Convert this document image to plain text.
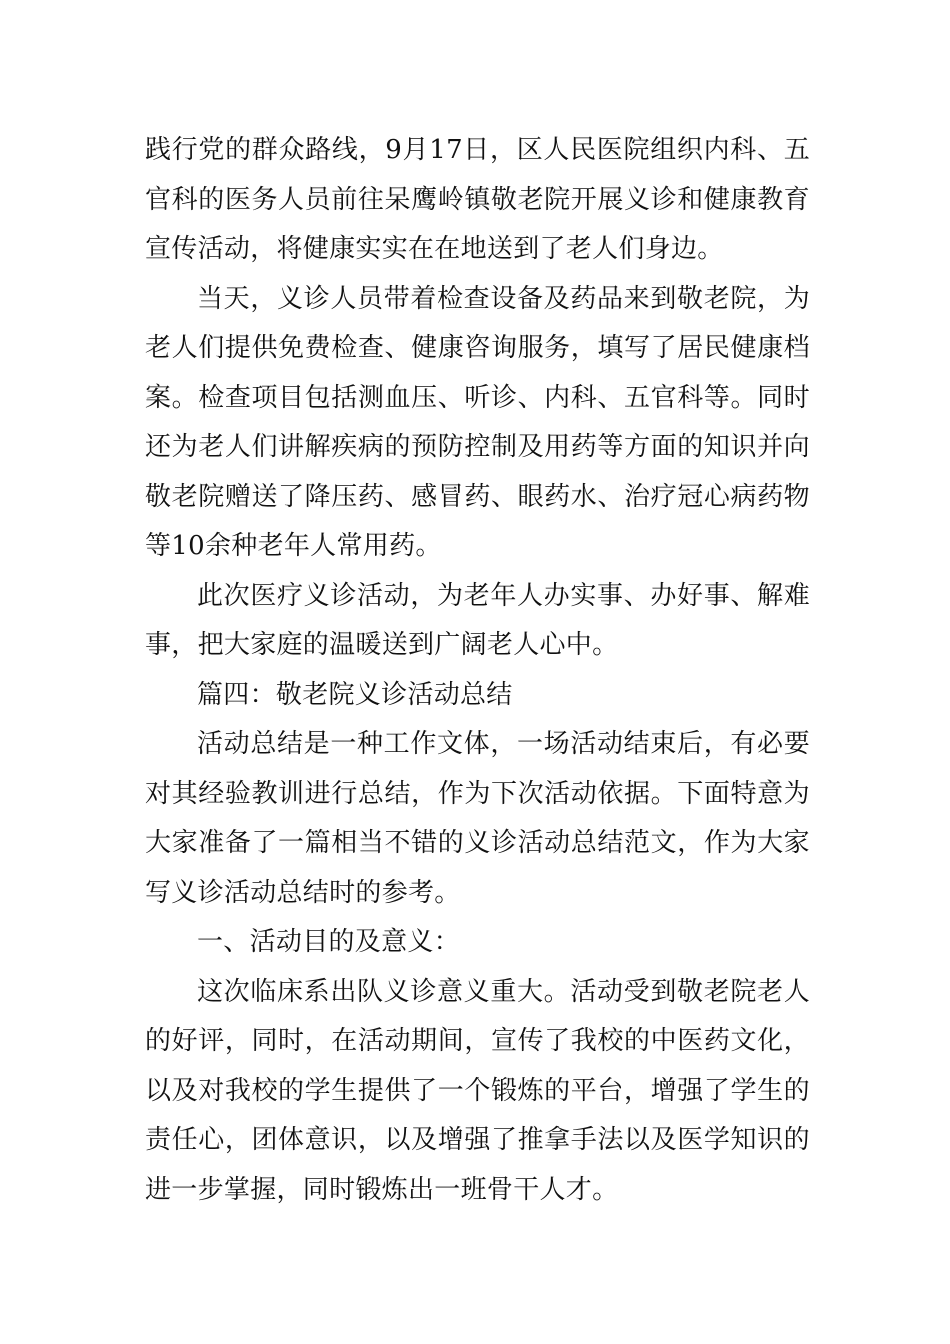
践行党的群众路线，9月17日，区人民医院组织内科、五官科的医务人员前往呆鹰岭镇敬老院开展义诊和健康教育宣传活动，将健康实实在在地送到了老人们身边。

当天，义诊人员带着检查设备及药品来到敬老院，为老人们提供免费检查、健康咨询服务，填写了居民健康档案。检查项目包括测血压、听诊、内科、五官科等。同时还为老人们讲解疾病的预防控制及用药等方面的知识并向敬老院赠送了降压药、感冒药、眼药水、治疗冠心病药物等10余种老年人常用药。

此次医疗义诊活动，为老年人办实事、办好事、解难事，把大家庭的温暖送到广阔老人心中。

篇四：敬老院义诊活动总结

活动总结是一种工作文体，一场活动结束后，有必要对其经验教训进行总结，作为下次活动依据。下面特意为大家准备了一篇相当不错的义诊活动总结范文，作为大家写义诊活动总结时的参考。

一、活动目的及意义：

这次临床系出队义诊意义重大。活动受到敬老院老人的好评，同时，在活动期间，宣传了我校的中医药文化，以及对我校的学生提供了一个锻炼的平台，增强了学生的责任心，团体意识，以及增强了推拿手法以及医学知识的进一步掌握，同时锻炼出一班骨干人才。
